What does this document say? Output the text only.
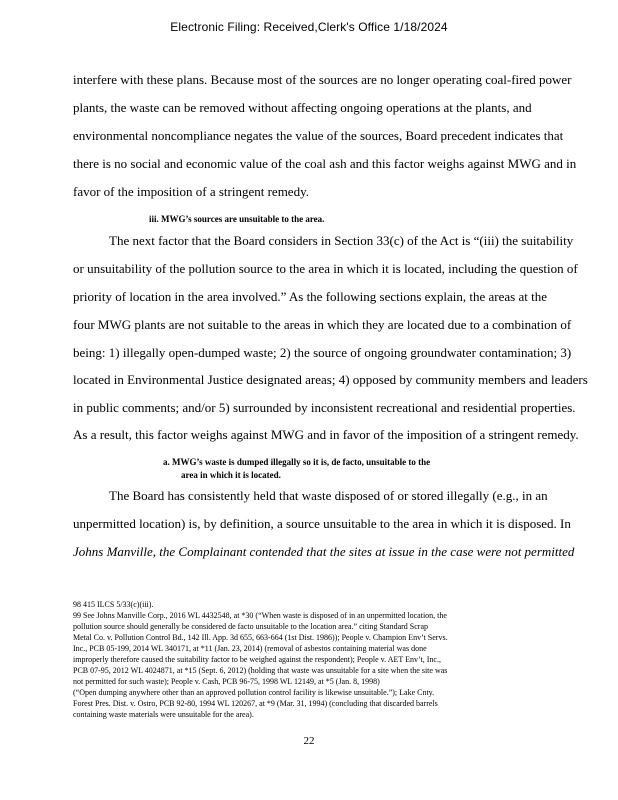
Electronic Filing: Received,Clerk's Office 1/18/2024
interfere with these plans. Because most of the sources are no longer operating coal-fired power
plants, the waste can be removed without affecting ongoing operations at the plants, and
environmental noncompliance negates the value of the sources, Board precedent indicates that
there is no social and economic value of the coal ash and this factor weighs against MWG and in
favor of the imposition of a stringent remedy.
iii. MWG’s sources are unsuitable to the area.
The next factor that the Board considers in Section 33(c) of the Act is “(iii) the suitability
or unsuitability of the pollution source to the area in which it is located, including the question of
priority of location in the area involved.” As the following sections explain, the areas at the
four MWG plants are not suitable to the areas in which they are located due to a combination of
being: 1) illegally open-dumped waste; 2) the source of ongoing groundwater contamination; 3)
located in Environmental Justice designated areas; 4) opposed by community members and leaders
in public comments; and/or 5) surrounded by inconsistent recreational and residential properties.
As a result, this factor weighs against MWG and in favor of the imposition of a stringent remedy.
a. MWG’s waste is dumped illegally so it is, de facto, unsuitable to the
area in which it is located.
The Board has consistently held that waste disposed of or stored illegally (e.g., in an
unpermitted location) is, by definition, a source unsuitable to the area in which it is disposed. In
Johns Manville, the Complainant contended that the sites at issue in the case were not permitted
98 415 ILCS 5/33(c)(iii).
99 See Johns Manville Corp., 2016 WL 4432548, at *30 (“When waste is disposed of in an unpermitted location, the
pollution source should generally be considered de facto unsuitable to the location area.” citing Standard Scrap
Metal Co. v. Pollution Control Bd., 142 Ill. App. 3d 655, 663-664 (1st Dist. 1986)); People v. Champion Env’t Servs.
Inc., PCB 05-199, 2014 WL 340171, at *11 (Jan. 23, 2014) (removal of asbestos containing material was done
improperly therefore caused the suitability factor to be weighed against the respondent); People v. AET Env’t, Inc.,
PCB 07-95, 2012 WL 4024871, at *15 (Sept. 6, 2012) (holding that waste was unsuitable for a site when the site was
not permitted for such waste); People v. Cash, PCB 96-75, 1998 WL 12149, at *5 (Jan. 8, 1998)
(“Open dumping anywhere other than an approved pollution control facility is likewise unsuitable.”); Lake Cnty.
Forest Pres. Dist. v. Ostro, PCB 92-80, 1994 WL 120267, at *9 (Mar. 31, 1994) (concluding that discarded barrels
containing waste materials were unsuitable for the area).
22
